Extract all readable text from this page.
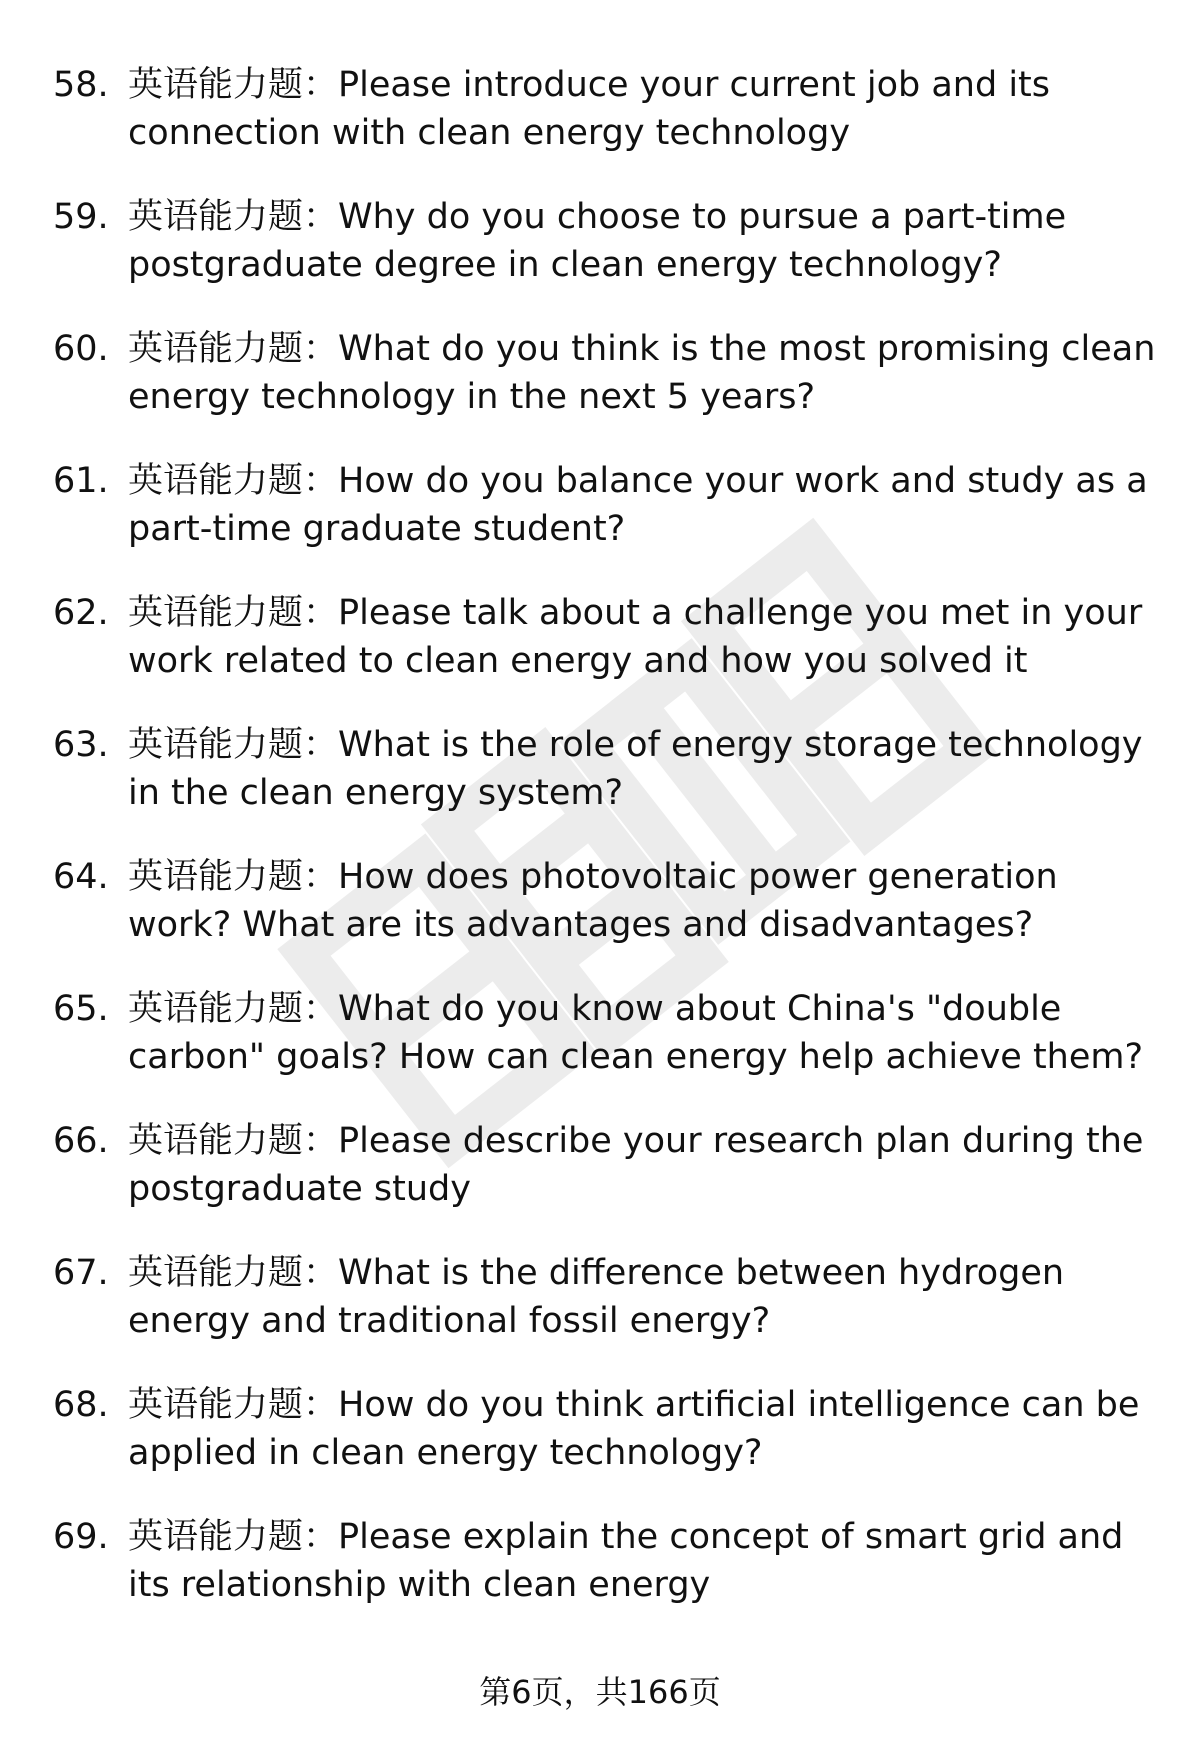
58. 英语能力题：Please introduce your current job and its
connection with clean energy technology
59. 英语能力题：Why do you choose to pursue a part-time
postgraduate degree in clean energy technology?
60. 英语能力题：What do you think is the most promising clean
energy technology in the next 5 years?
61. 英语能力题：How do you balance your work and study as a
part-time graduate student?
62. 英语能力题：Please talk about a challenge you met in your
work related to clean energy and how you solved it
63. 英语能力题：What is the role of energy storage technology
in the clean energy system?
64. 英语能力题：How does photovoltaic power generation
work? What are its advantages and disadvantages?
65. 英语能力题：What do you know about China's "double
carbon" goals? How can clean energy help achieve them?
66. 英语能力题：Please describe your research plan during the
postgraduate study
67. 英语能力题：What is the difference between hydrogen
energy and traditional fossil energy?
68. 英语能力题：How do you think artificial intelligence can be
applied in clean energy technology?
69. 英语能力题：Please explain the concept of smart grid and
its relationship with clean energy
第6页，共166页
